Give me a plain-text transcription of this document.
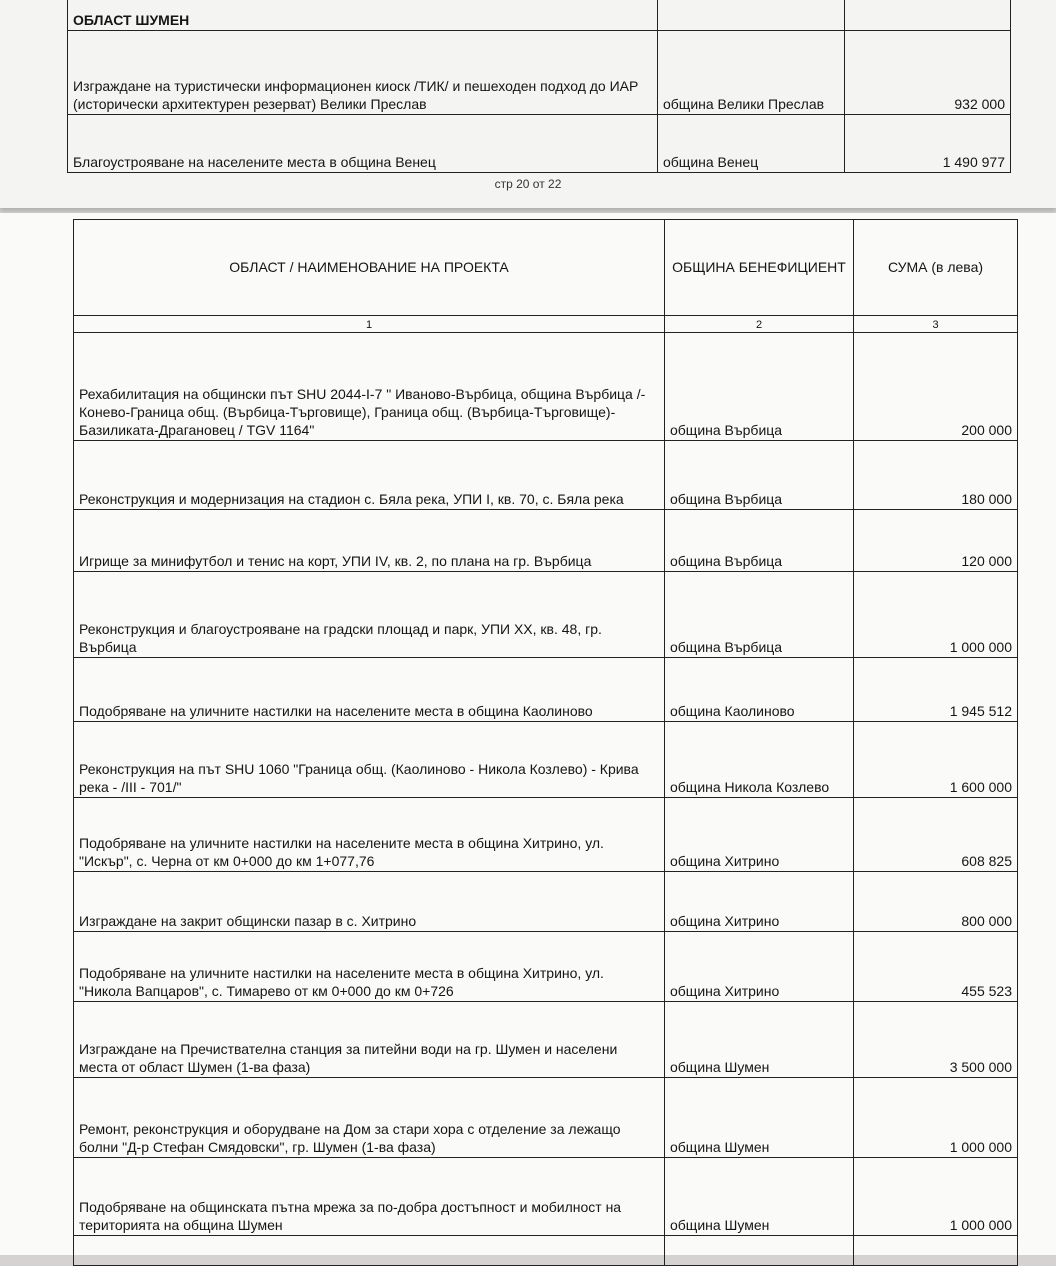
ОБЛАСТ ШУМЕН		
Изграждане на туристически информационен киоск /ТИК/ и пешеходен подход до ИАР (исторически архитектурен резерват) Велики Преслав	община Велики Преслав	932 000
Благоустрояване на населените места в община Венец	община Венец	1 490 977
стр 20 от 22
ОБЛАСТ / НАИМЕНОВАНИЕ НА ПРОЕКТА	ОБЩИНА БЕНЕФИЦИЕНТ	СУМА (в лева)
1	2	3
Рехабилитация на общински път SHU 2044-I-7 " Иваново-Върбица, община Върбица /-Конево-Граница общ. (Върбица-Търговище), Граница общ. (Върбица-Търговище)-Базиликата-Драгановец / TGV 1164"	община Върбица	200 000
Реконструкция и модернизация на стадион с. Бяла река, УПИ I, кв. 70, с. Бяла река	община Върбица	180 000
Игрище за минифутбол и тенис на корт, УПИ IV, кв. 2, по плана на гр. Върбица	община Върбица	120 000
Реконструкция и благоустрояване на градски площад и парк, УПИ XX, кв. 48, гр. Върбица	община Върбица	1 000 000
Подобряване на уличните настилки на населените места в община Каолиново	община Каолиново	1 945 512
Реконструкция на път SHU 1060 "Граница общ. (Каолиново - Никола Козлево) - Крива река - /III - 701/"	община Никола Козлево	1 600 000
Подобряване на уличните настилки на населените места в община Хитрино, ул. "Искър", с. Черна от км 0+000 до км 1+077,76	община Хитрино	608 825
Изграждане на закрит общински пазар в с. Хитрино	община Хитрино	800 000
Подобряване на уличните настилки на населените места в община Хитрино, ул. "Никола Вапцаров", с. Тимарево от км 0+000 до км 0+726	община Хитрино	455 523
Изграждане на Пречиствателна станция за питейни води на гр. Шумен и населени места от област Шумен (1-ва фаза)	община Шумен	3 500 000
Ремонт, реконструкция и оборудване на Дом за стари хора с отделение за лежащо болни "Д-р Стефан Смядовски", гр. Шумен (1-ва фаза)	община Шумен	1 000 000
Подобряване на общинската пътна мрежа за по-добра достъпност и мобилност на територията на община Шумен	община Шумен	1 000 000
